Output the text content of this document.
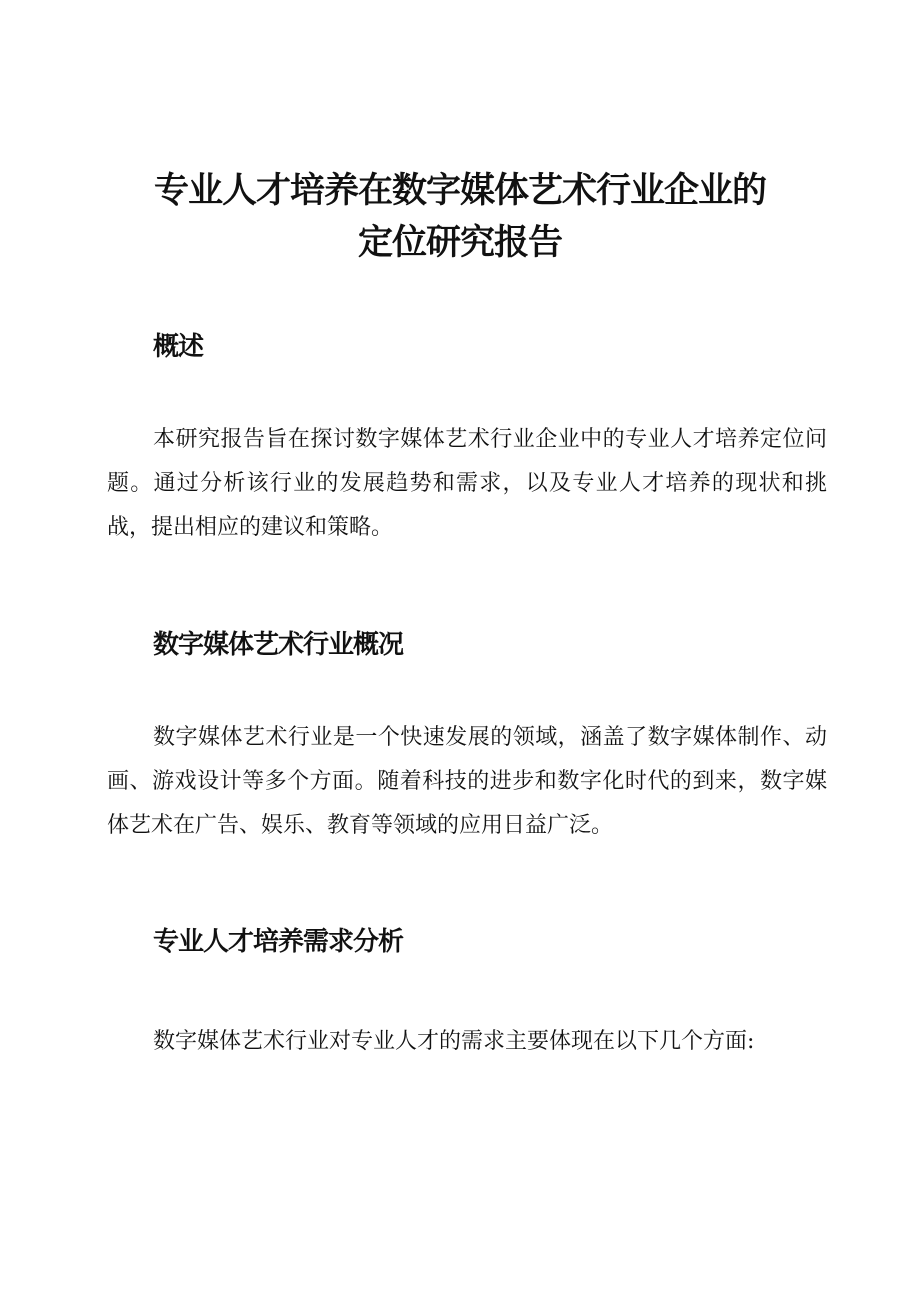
专业人才培养在数字媒体艺术行业企业的
定位研究报告
概述

本研究报告旨在探讨数字媒体艺术行业企业中的专业人才培养定位问题。通过分析该行业的发展趋势和需求，以及专业人才培养的现状和挑战，提出相应的建议和策略。

数字媒体艺术行业概况

数字媒体艺术行业是一个快速发展的领域，涵盖了数字媒体制作、动画、游戏设计等多个方面。随着科技的进步和数字化时代的到来，数字媒体艺术在广告、娱乐、教育等领域的应用日益广泛。

专业人才培养需求分析

数字媒体艺术行业对专业人才的需求主要体现在以下几个方面:
